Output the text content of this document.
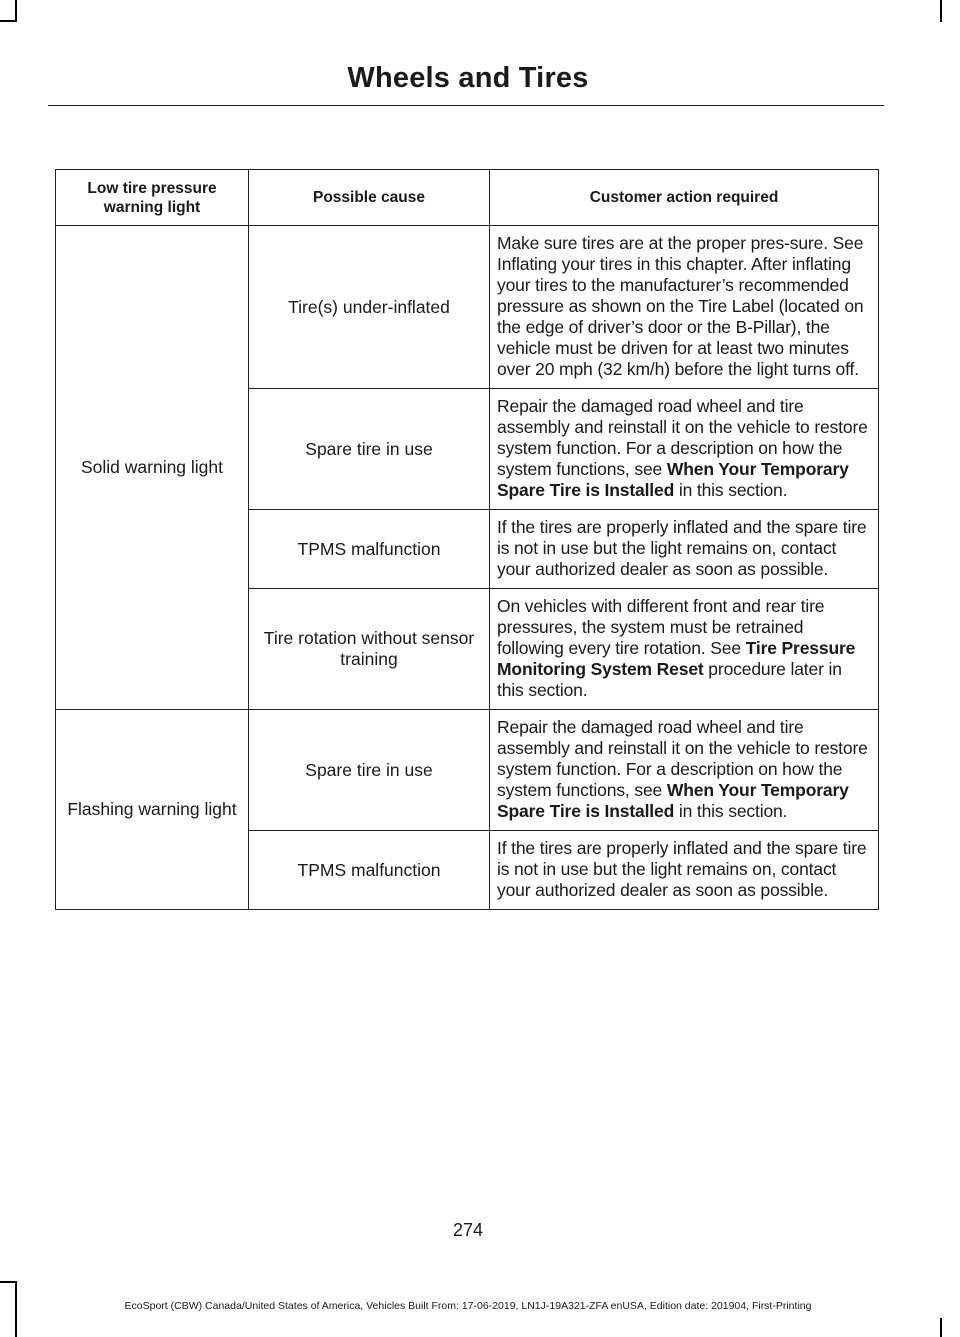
Wheels and Tires
Low tire pressure warning light	Possible cause	Customer action required
Solid warning light	Tire(s) under-inflated	Make sure tires are at the proper pres-sure. See Inflating your tires in this chapter. After inflating your tires to the manufacturer’s recommended pressure as shown on the Tire Label (located on the edge of driver’s door or the B-Pillar), the vehicle must be driven for at least two minutes over 20 mph (32 km/h) before the light turns off.
	Spare tire in use	Repair the damaged road wheel and tire assembly and reinstall it on the vehicle to restore system function. For a description on how the system functions, see When Your Temporary Spare Tire is Installed in this section.
	TPMS malfunction	If the tires are properly inflated and the spare tire is not in use but the light remains on, contact your authorized dealer as soon as possible.
	Tire rotation without sensor training	On vehicles with different front and rear tire pressures, the system must be retrained following every tire rotation. See Tire Pressure Monitoring System Reset procedure later in this section.
Flashing warning light	Spare tire in use	Repair the damaged road wheel and tire assembly and reinstall it on the vehicle to restore system function. For a description on how the system functions, see When Your Temporary Spare Tire is Installed in this section.
	TPMS malfunction	If the tires are properly inflated and the spare tire is not in use but the light remains on, contact your authorized dealer as soon as possible.
274
EcoSport (CBW) Canada/United States of America, Vehicles Built From: 17-06-2019, LN1J-19A321-ZFA enUSA, Edition date: 201904, First-Printing
